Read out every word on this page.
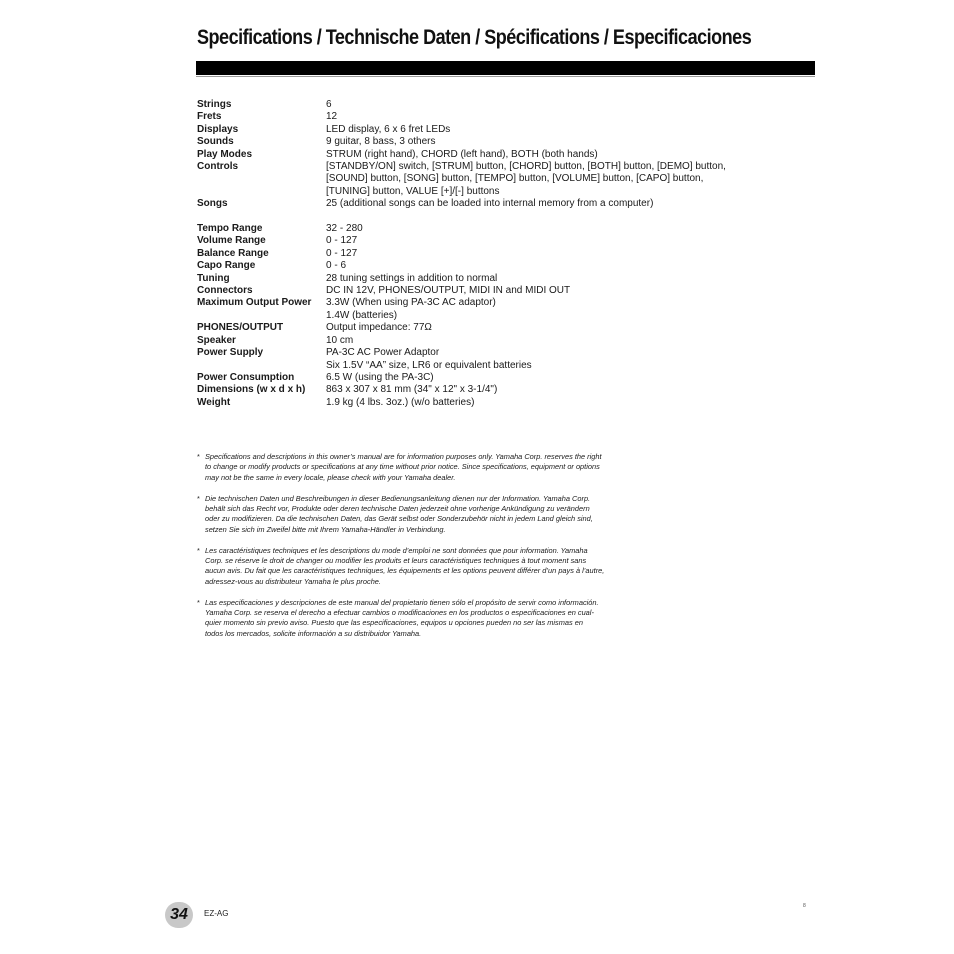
Specifications / Technische Daten / Spécifications / Especificaciones
Strings	6
Frets	12
Displays	LED display, 6 x 6 fret LEDs
Sounds	9 guitar, 8 bass, 3 others
Play Modes	STRUM (right hand), CHORD (left hand), BOTH (both hands)
Controls	[STANDBY/ON] switch, [STRUM] button, [CHORD] button, [BOTH] button, [DEMO] button,
[SOUND] button, [SONG] button, [TEMPO] button, [VOLUME] button, [CAPO] button,
[TUNING] button, VALUE [+]/[-] buttons
Songs	25 (additional songs can be loaded into internal memory from a computer)
Tempo Range	32 - 280
Volume Range	0 - 127
Balance Range	0 - 127
Capo Range	0 - 6
Tuning	28 tuning settings in addition to normal
Connectors	DC IN 12V, PHONES/OUTPUT, MIDI IN and MIDI OUT
Maximum Output Power	3.3W (When using PA-3C AC adaptor)
1.4W (batteries)
PHONES/OUTPUT	Output impedance: 77Ω
Speaker	10 cm
Power Supply	PA-3C AC Power Adaptor
Six 1.5V “AA” size, LR6 or equivalent batteries
Power Consumption	6.5 W (using the PA-3C)
Dimensions (w x d x h)	863 x 307 x 81 mm (34" x 12" x 3-1/4")
Weight	1.9 kg (4 lbs. 3oz.) (w/o batteries)
* Specifications and descriptions in this owner’s manual are for information purposes only. Yamaha Corp. reserves the right
to change or modify products or specifications at any time without prior notice. Since specifications, equipment or options
may not be the same in every locale, please check with your Yamaha dealer.
* Die technischen Daten und Beschreibungen in dieser Bedienungsanleitung dienen nur der Information. Yamaha Corp.
behält sich das Recht vor, Produkte oder deren technische Daten jederzeit ohne vorherige Ankündigung zu verändern
oder zu modifizieren. Da die technischen Daten, das Gerät selbst oder Sonderzubehör nicht in jedem Land gleich sind,
setzen Sie sich im Zweifel bitte mit Ihrem Yamaha-Händler in Verbindung.
* Les caractéristiques techniques et les descriptions du mode d’emploi ne sont données que pour information. Yamaha
Corp. se réserve le droit de changer ou modifier les produits et leurs caractéristiques techniques à tout moment sans
aucun avis. Du fait que les caractéristiques techniques, les équipements et les options peuvent différer d’un pays à l’autre,
adressez-vous au distributeur Yamaha le plus proche.
* Las especificaciones y descripciones de este manual del propietario tienen sólo el propósito de servir como información.
Yamaha Corp. se reserva el derecho a efectuar cambios o modificaciones en los productos o especificaciones en cual-
quier momento sin previo aviso. Puesto que las especificaciones, equipos u opciones pueden no ser las mismas en
todos los mercados, solicite información a su distribuidor Yamaha.
34	EZ-AG
8
